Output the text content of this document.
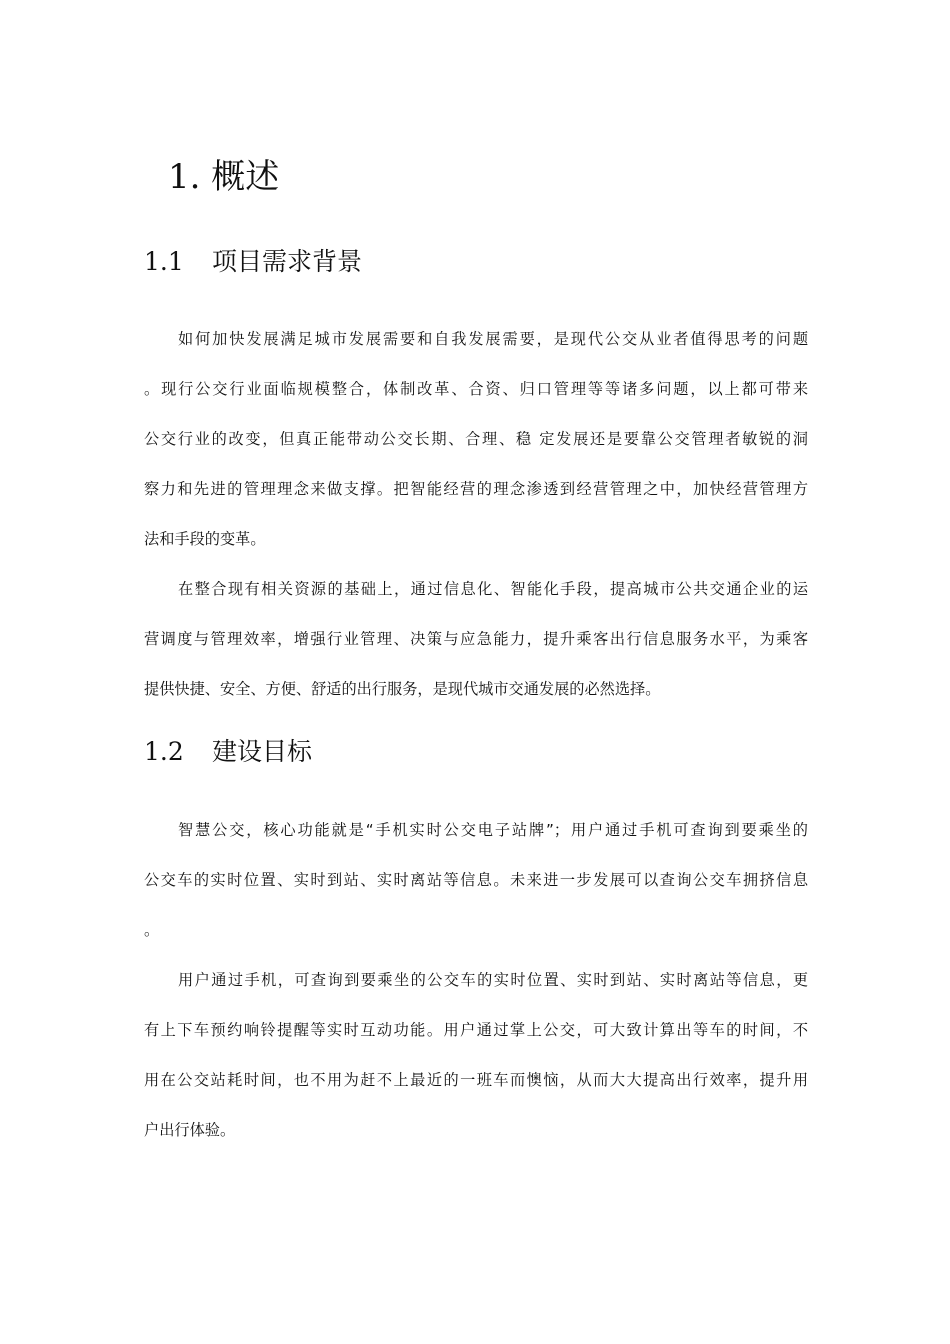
1. 概述
1.1 项目需求背景
如何加快发展满足城市发展需要和自我发展需要，是现代公交从业者值得思考的问题
。现行公交行业面临规模整合，体制改革、合资、归口管理等等诸多问题，以上都可带来
公交行业的改变，但真正能带动公交长期、合理、稳 定发展还是要靠公交管理者敏锐的洞
察力和先进的管理理念来做支撑。把智能经营的理念渗透到经营管理之中，加快经营管理方
法和手段的变革。
在整合现有相关资源的基础上，通过信息化、智能化手段，提高城市公共交通企业的运
营调度与管理效率，增强行业管理、决策与应急能力，提升乘客出行信息服务水平，为乘客
提供快捷、安全、方便、舒适的出行服务，是现代城市交通发展的必然选择。
1.2 建设目标
智慧公交，核心功能就是“手机实时公交电子站牌”；用户通过手机可查询到要乘坐的
公交车的实时位置、实时到站、实时离站等信息。未来进一步发展可以查询公交车拥挤信息
。
用户通过手机，可查询到要乘坐的公交车的实时位置、实时到站、实时离站等信息，更
有上下车预约响铃提醒等实时互动功能。用户通过掌上公交，可大致计算出等车的时间，不
用在公交站耗时间，也不用为赶不上最近的一班车而懊恼，从而大大提高出行效率，提升用
户出行体验。
